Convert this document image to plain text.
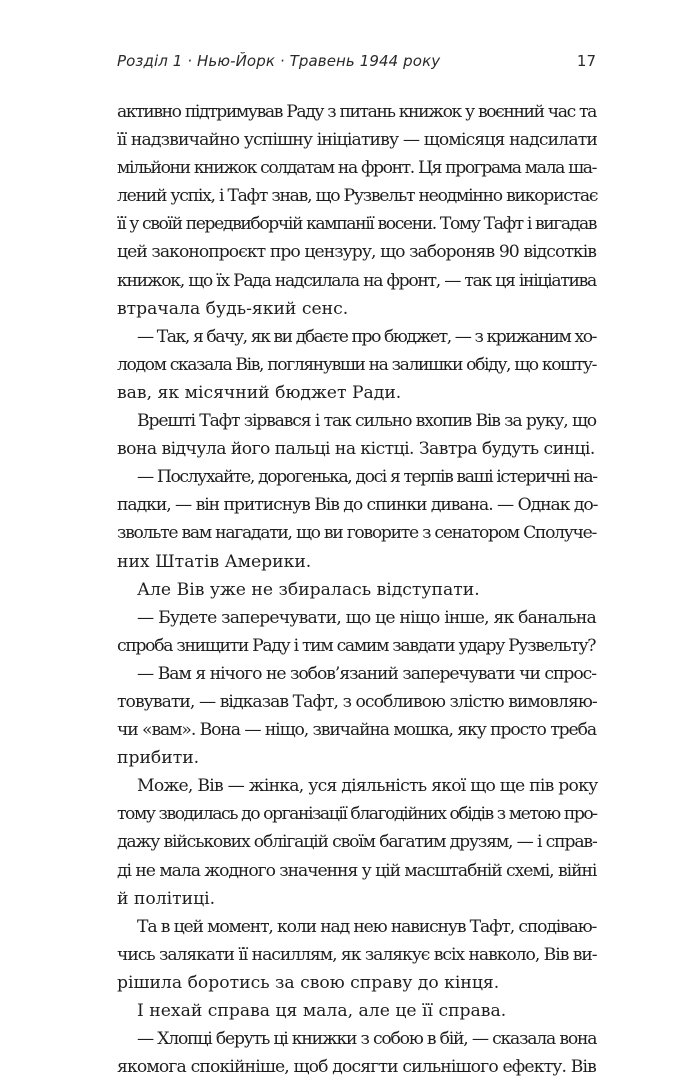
Розділ 1 · Нью-Йорк · Травень 1944 року	17
активно підтримував Раду з питань книжок у воєнний час та
її надзвичайно успішну ініціативу — щомісяця надсилати
мільйони книжок солдатам на фронт. Ця програма мала ша-
лений успіх, і Тафт знав, що Рузвельт неодмінно використає
її у своїй передвиборчій кампанії восени. Тому Тафт і вигадав
цей законопроєкт про цензуру, що забороняв 90 відсотків
книжок, що їх Рада надсилала на фронт, — так ця ініціатива
втрачала будь-який сенс.
— Так, я бачу, як ви дбаєте про бюджет, — з крижаним хо-
лодом сказала Вів, поглянувши на залишки обіду, що кошту-
вав, як місячний бюджет Ради.
Врешті Тафт зірвався і так сильно вхопив Вів за руку, що
вона відчула його пальці на кістці. Завтра будуть синці.
— Послухайте, дорогенька, досі я терпів ваші істеричні на-
падки, — він притиснув Вів до спинки дивана. — Однак до-
звольте вам нагадати, що ви говорите з сенатором Сполуче-
них Штатів Америки.
Але Вів уже не збиралась відступати.
— Будете заперечувати, що це ніщо інше, як банальна
спроба знищити Раду і тим самим завдати удару Рузвельту?
— Вам я нічого не зобов’язаний заперечувати чи спрос-
товувати, — відказав Тафт, з особливою злістю вимовляю-
чи «вам». Вона — ніщо, звичайна мошка, яку просто треба
прибити.
Може, Вів — жінка, уся діяльність якої що ще пів року
тому зводилась до організації благодійних обідів з метою про-
дажу військових облігацій своїм багатим друзям, — і справ-
ді не мала жодного значення у цій масштабній схемі, війні
й політиці.
Та в цей момент, коли над нею нависнув Тафт, сподіваю-
чись залякати її насиллям, як залякує всіх навколо, Вів ви-
рішила боротись за свою справу до кінця.
І нехай справа ця мала, але це її справа.
— Хлопці беруть ці книжки з собою в бій, — сказала вона
якомога спокійніше, щоб досягти сильнішого ефекту. Вів
